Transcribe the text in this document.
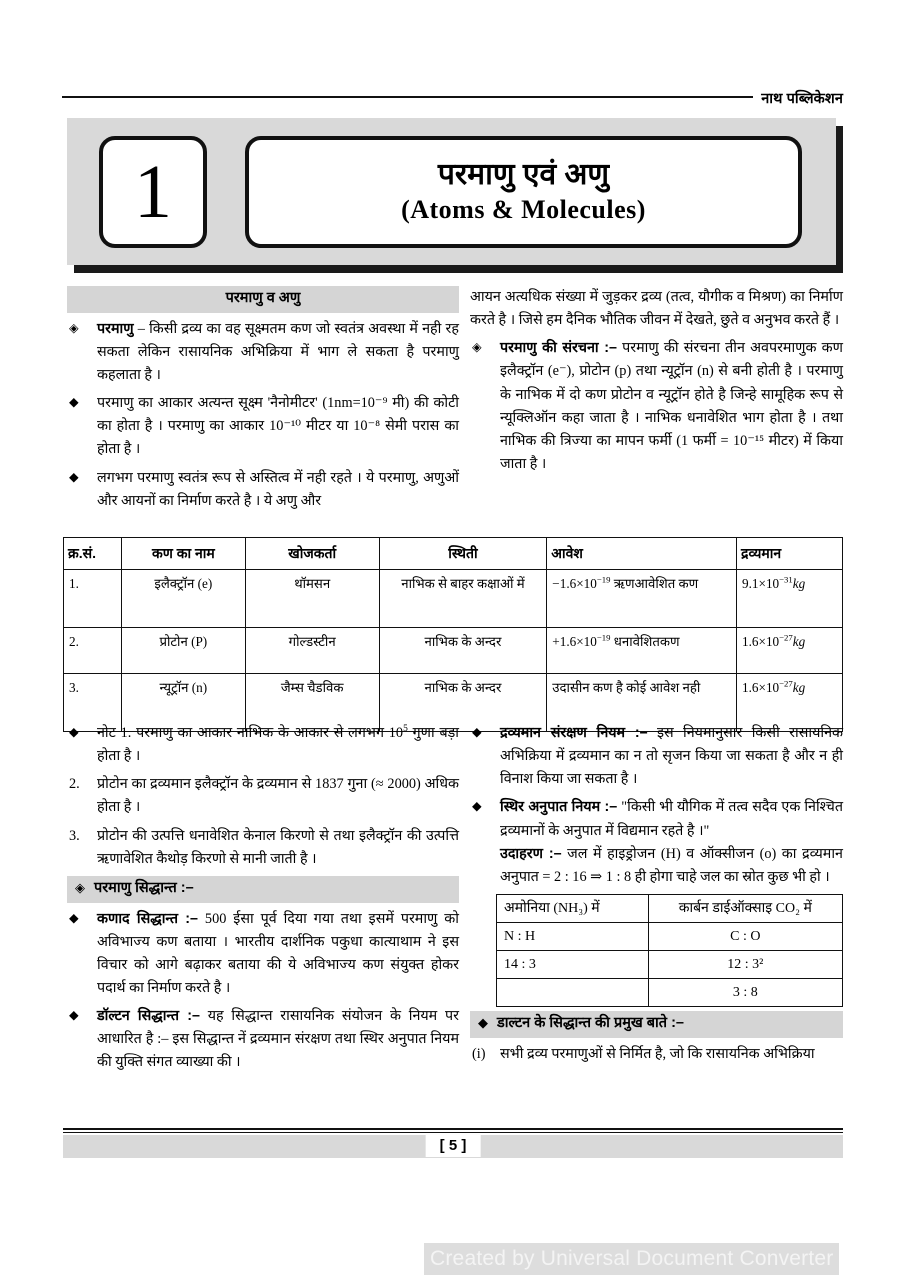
नाथ पब्लिकेशन
1	परमाणु एवं अणु
(Atoms & Molecules)
परमाणु व अणु
◈	परमाणु – किसी द्रव्य का वह सूक्ष्मतम कण जो स्वतंत्र अवस्था में नही रह सकता लेकिन रासायनिक अभिक्रिया में भाग ले सकता है परमाणु कहलाता है ।
◆	परमाणु का आकार अत्यन्त सूक्ष्म 'नैनोमीटर' (1nm=10⁻⁹ मी) की कोटी का होता है । परमाणु का आकार 10⁻¹⁰ मीटर या 10⁻⁸ सेमी परास का होता है ।
◆	लगभग परमाणु स्वतंत्र रूप से अस्तित्व में नही रहते । ये परमाणु, अणुओं और आयनों का निर्माण करते है । ये अणु और
आयन अत्यधिक संख्या में जुड़कर द्रव्य (तत्व, यौगीक व मिश्रण) का निर्माण करते है । जिसे हम दैनिक भौतिक जीवन में देखते, छुते व अनुभव करते हैं ।
◈	परमाणु की संरचना :– परमाणु की संरचना तीन अवपरमाणुक कण इलैक्ट्रॉन (e⁻), प्रोटोन (p) तथा न्यूट्रॉन (n) से बनी होती है । परमाणु के नाभिक में दो कण प्रोटोन व न्यूट्रॉन होते है जिन्हे सामूहिक रूप से न्यूक्लिऑन कहा जाता है । नाभिक धनावेशित भाग होता है । तथा नाभिक की त्रिज्या का मापन फर्मी (1 फर्मी = 10⁻¹⁵ मीटर) में किया जाता है ।
क्र.सं.	कण का नाम	खोजकर्ता	स्थिती	आवेश	द्रव्यमान
1.	इलैक्ट्रॉन (e)	थॉमसन	नाभिक से बाहर कक्षाओं में	$-1.6\times 10^{-19}$ ऋणआवेशित कण	$9.1\times 10^{-31}kg$
2.	प्रोटोन (P)	गोल्डस्टीन	नाभिक के अन्दर	$+1.6\times 10^{-19}$ धनावेशितकण	$1.6\times 10^{-27}kg$
3.	न्यूट्रॉन (n)	जैम्स चैडविक	नाभिक के अन्दर	उदासीन कण है कोई आवेश नही	$1.6\times 10^{-27}kg$
◆	नोट 1. परमाणु का आकार नाभिक के आकार से लगभग $10^5$ गुणा बड़ा होता है ।
2.	प्रोटोन का द्रव्यमान इलैक्ट्रॉन के द्रव्यमान से 1837 गुना (≈ 2000) अधिक होता है ।
3.	प्रोटोन की उत्पत्ति धनावेशित केनाल किरणो से तथा इलैक्ट्रॉन की उत्पत्ति ऋणावेशित कैथोड़ किरणो से मानी जाती है ।
◈ परमाणु सिद्धान्त :–
◆	कणाद सिद्धान्त :– 500 ईसा पूर्व दिया गया तथा इसमें परमाणु को अविभाज्य कण बताया । भारतीय दार्शनिक पकुधा कात्याथाम ने इस विचार को आगे बढ़ाकर बताया की ये अविभाज्य कण संयुक्त होकर पदार्थ का निर्माण करते है ।
◆	डॉल्टन सिद्धान्त :– यह सिद्धान्त रासायनिक संयोजन के नियम पर आधारित है :– इस सिद्धान्त नें द्रव्यमान संरक्षण तथा स्थिर अनुपात नियम की युक्ति संगत व्याख्या की ।
◆	द्रव्यमान संरक्षण नियम :– इस नियमानुसार किसी रासायनिक अभिक्रिया में द्रव्यमान का न तो सृजन किया जा सकता है और न ही विनाश किया जा सकता है ।
◆	स्थिर अनुपात नियम :– "किसी भी यौगिक में तत्व सदैव एक निश्चित द्रव्यमानों के अनुपात में विद्यमान रहते है ।"
उदाहरण :– जल में हाइड्रोजन (H) व ऑक्सीजन (o) का द्रव्यमान अनुपात = 2 : 16 ⇒ 1 : 8 ही होगा चाहे जल का स्रोत कुछ भी हो ।
अमोनिया (NH₃) में	कार्बन डाईऑक्साइ CO₂ में
N : H	C : O
14 : 3	12 : 3²
	3 : 8
◆ डाल्टन के सिद्धान्त की प्रमुख बाते :–
(i)	सभी द्रव्य परमाणुओं से निर्मित है, जो कि रासायनिक अभिक्रिया
[ 5 ]
Created by Universal Document Converter
